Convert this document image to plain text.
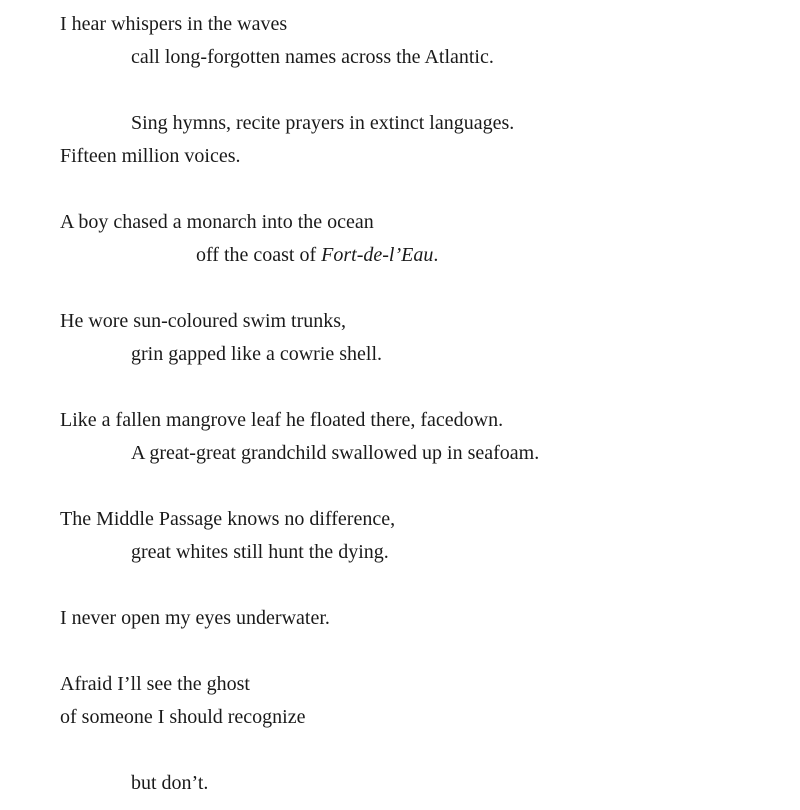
I hear whispers in the waves
call long-forgotten names across the Atlantic.
Sing hymns, recite prayers in extinct languages.
Fifteen million voices.
A boy chased a monarch into the ocean
off the coast of Fort-de-l’Eau.
He wore sun-coloured swim trunks,
grin gapped like a cowrie shell.
Like a fallen mangrove leaf he floated there, facedown.
A great-great grandchild swallowed up in seafoam.
The Middle Passage knows no difference,
great whites still hunt the dying.
I never open my eyes underwater.
Afraid I’ll see the ghost
of someone I should recognize
but don’t.
